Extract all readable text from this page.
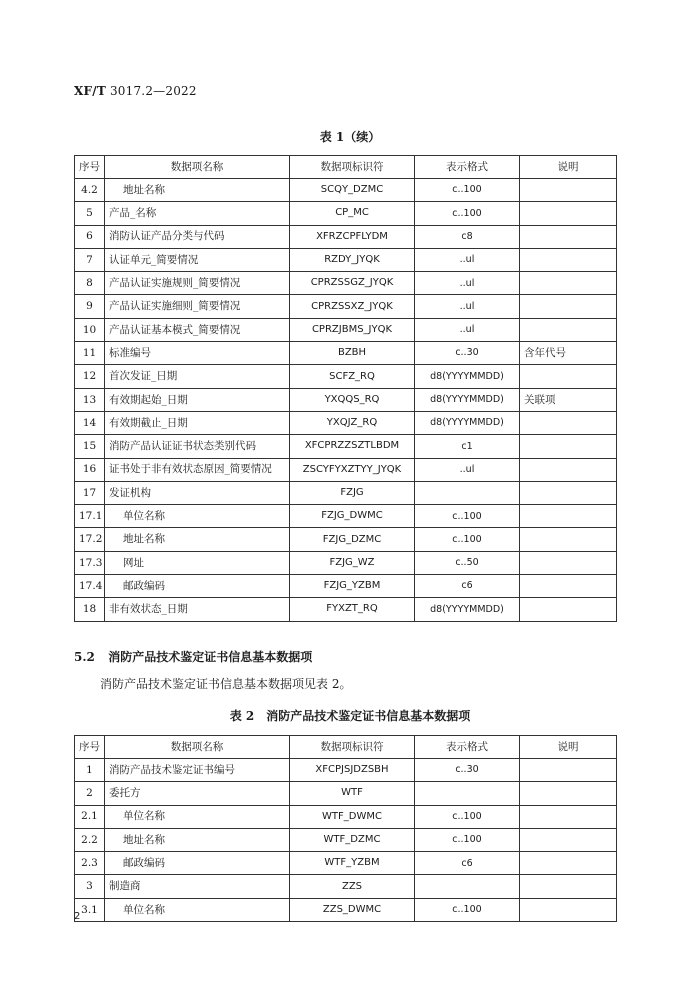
XF/T 3017.2—2022
表 1（续）
序号	数据项名称	数据项标识符	表示格式	说明
4.2	地址名称	SCQY_DZMC	c..100	
5	产品_名称	CP_MC	c..100	
6	消防认证产品分类与代码	XFRZCPFLYDM	c8	
7	认证单元_简要情况	RZDY_JYQK	..ul	
8	产品认证实施规则_简要情况	CPRZSSGZ_JYQK	..ul	
9	产品认证实施细则_简要情况	CPRZSSXZ_JYQK	..ul	
10	产品认证基本模式_简要情况	CPRZJBMS_JYQK	..ul	
11	标准编号	BZBH	c..30	含年代号
12	首次发证_日期	SCFZ_RQ	d8(YYYYMMDD)	
13	有效期起始_日期	YXQQS_RQ	d8(YYYYMMDD)	关联项
14	有效期截止_日期	YXQJZ_RQ	d8(YYYYMMDD)	
15	消防产品认证证书状态类别代码	XFCPRZZSZTLBDM	c1	
16	证书处于非有效状态原因_简要情况	ZSCYFYXZTYY_JYQK	..ul	
17	发证机构	FZJG		
17.1	单位名称	FZJG_DWMC	c..100	
17.2	地址名称	FZJG_DZMC	c..100	
17.3	网址	FZJG_WZ	c..50	
17.4	邮政编码	FZJG_YZBM	c6	
18	非有效状态_日期	FYXZT_RQ	d8(YYYYMMDD)	
5.2 消防产品技术鉴定证书信息基本数据项
消防产品技术鉴定证书信息基本数据项见表 2。
表 2　消防产品技术鉴定证书信息基本数据项
序号	数据项名称	数据项标识符	表示格式	说明
1	消防产品技术鉴定证书编号	XFCPJSJDZSBH	c..30	
2	委托方	WTF		
2.1	单位名称	WTF_DWMC	c..100	
2.2	地址名称	WTF_DZMC	c..100	
2.3	邮政编码	WTF_YZBM	c6	
3	制造商	ZZS		
3.1	单位名称	ZZS_DWMC	c..100	
2
